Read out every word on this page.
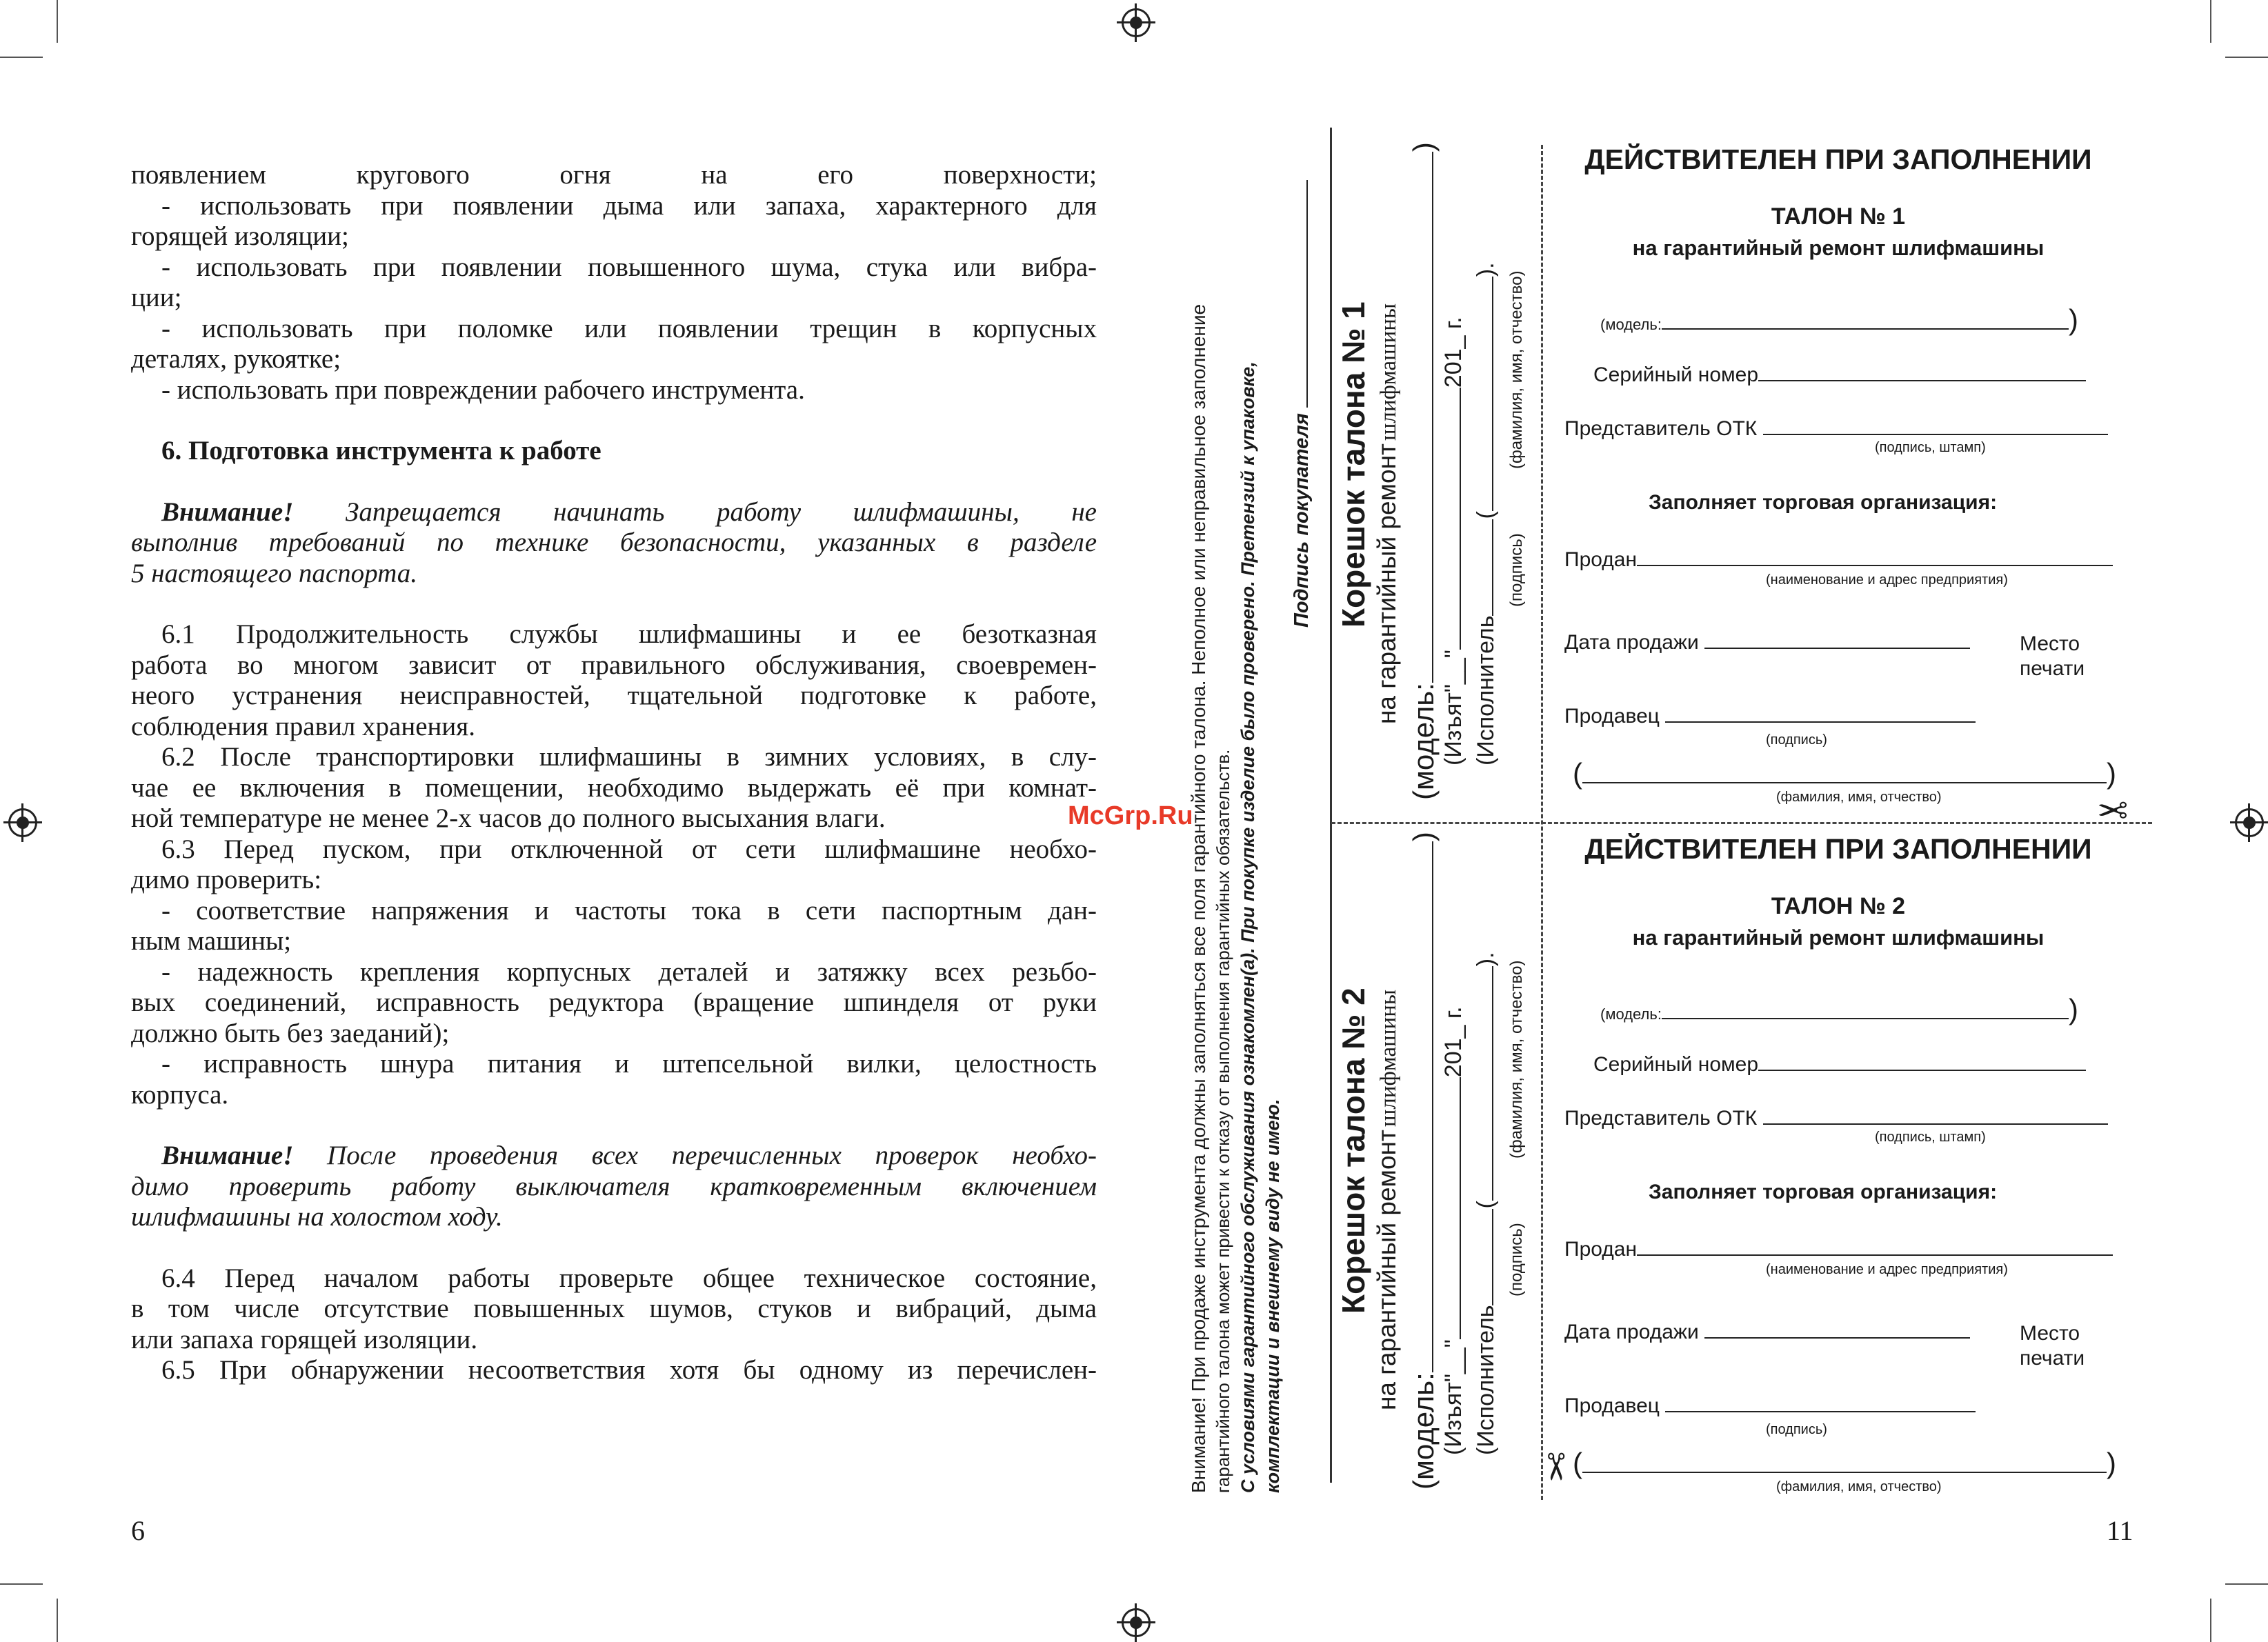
появлением кругового огня на его поверхности;

- использовать при появлении дыма или запаха, характерного для

горящей изоляции;

- использовать при появлении повышенного шума, стука или вибра-

ции;

- использовать при поломке или появлении трещин в корпусных

деталях, рукоятке;

- использовать при повреждении рабочего инструмента.

6. Подготовка инструмента к работе

Внимание! Запрещается начинать работу шлифмашины, не

выполнив требований по технике безопасности, указанных в разделе

5 настоящего паспорта.

6.1 Продолжительность службы шлифмашины и ее безотказная

работа во многом зависит от правильного обслуживания, своевремен-

неого устранения неисправностей, тщательной подготовке к работе,

соблюдения правил хранения.

6.2 После транспортировки шлифмашины в зимних условиях, в слу-

чае ее включения в помещении, необходимо выдержать её при комнат-

ной температуре не менее 2-х часов до полного высыхания влаги.

6.3 Перед пуском, при отключенной от сети шлифмашине необхо-

димо проверить:

- соответствие напряжения и частоты тока в сети паспортным дан-

ным машины;

- надежность крепления корпусных деталей и затяжку всех резьбо-

вых соединений, исправность редуктора (вращение шпинделя от руки

должно быть без заеданий);

- исправность шнура питания и штепсельной вилки, целостность

корпуса.

Внимание! После проведения всех перечисленных проверок необхо-

димо проверить работу выключателя кратковременным включением

шлифмашины на холостом ходу.

6.4 Перед началом работы проверьте общее техническое состояние,

в том числе отсутствие повышенных шумов, стуков и вибраций, дыма

или запаха горящей изоляции.

6.5 При обнаружении несоответствия хотя бы одному из перечислен-

6
McGrp.Ru
Внимание! При продаже инструмента должны заполняться все поля гарантийного талона. Неполное или неправильное заполнение гарантийного талона может привести к отказу от выполнения гарантийных обязательств. С условиями гарантийного обслуживания ознакомлен(а). При покупке изделие было проверено. Претензий к упаковке, комплектации и внешнему виду не имею.
Подпись покупателя Корешок талона № 1 на гарантийный ремонт шлифмашины
(модель:)
(Изъят"__"201_ г.
(Исполнитель().
(подпись)
(фамилия, имя, отчество)
Корешок талона № 2 на гарантийный ремонт шлифмашины
(модель:)
(Изъят"__"201_ г.
(Исполнитель().
(подпись)
(фамилия, имя, отчество)
ДЕЙСТВИТЕЛЕН ПРИ ЗАПОЛНЕНИИ
ТАЛОН № 1
на гарантийный ремонт шлифмашины
(модель:	)
Серийный номер
Представитель ОТК
(подпись, штамп)
Заполняет торговая организация:
Продан
(наименование и адрес предприятия)
Дата продажи	Место
печати
Продавец
(подпись)
(	)
(фамилия, имя, отчество)
ДЕЙСТВИТЕЛЕН ПРИ ЗАПОЛНЕНИИ
ТАЛОН № 2
на гарантийный ремонт шлифмашины
(модель:	)
Серийный номер
Представитель ОТК
(подпись, штамп)
Заполняет торговая организация:
Продан
(наименование и адрес предприятия)
Дата продажи	Место
печати
Продавец
(подпись)
(	)
(фамилия, имя, отчество)
✂
✂
11
